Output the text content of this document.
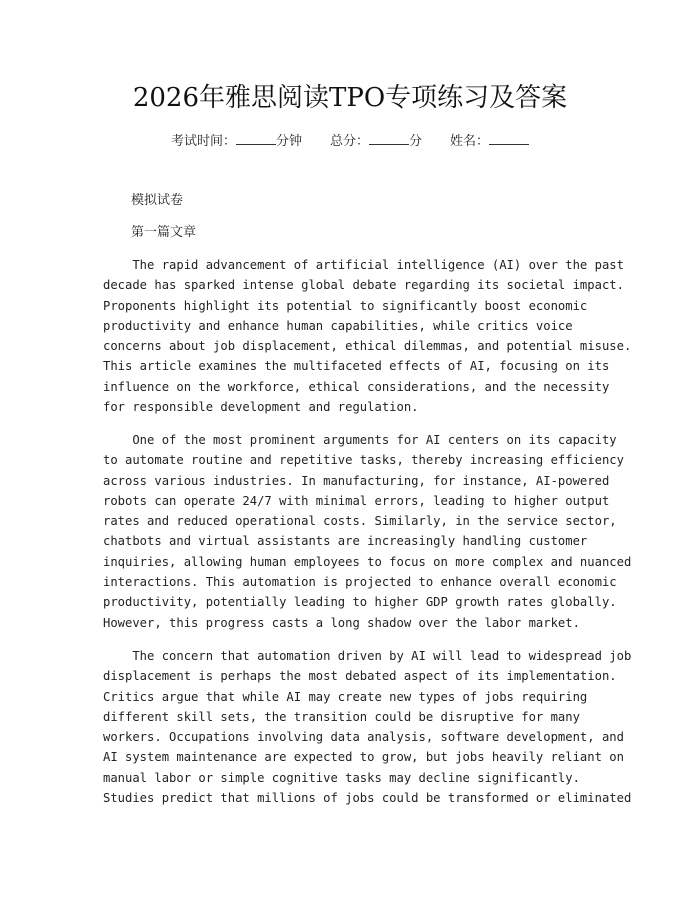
2026年雅思阅读TPO专项练习及答案
考试时间：	分钟 总分：	分 姓名：
模拟试卷
第一篇文章

The rapid advancement of artificial intelligence (AI) over the past
decade has sparked intense global debate regarding its societal impact.
Proponents highlight its potential to significantly boost economic
productivity and enhance human capabilities, while critics voice
concerns about job displacement, ethical dilemmas, and potential misuse.
This article examines the multifaceted effects of AI, focusing on its
influence on the workforce, ethical considerations, and the necessity
for responsible development and regulation.

One of the most prominent arguments for AI centers on its capacity
to automate routine and repetitive tasks, thereby increasing efficiency
across various industries. In manufacturing, for instance, AI-powered
robots can operate 24/7 with minimal errors, leading to higher output
rates and reduced operational costs. Similarly, in the service sector,
chatbots and virtual assistants are increasingly handling customer
inquiries, allowing human employees to focus on more complex and nuanced
interactions. This automation is projected to enhance overall economic
productivity, potentially leading to higher GDP growth rates globally.
However, this progress casts a long shadow over the labor market.

The concern that automation driven by AI will lead to widespread job
displacement is perhaps the most debated aspect of its implementation.
Critics argue that while AI may create new types of jobs requiring
different skill sets, the transition could be disruptive for many
workers. Occupations involving data analysis, software development, and
AI system maintenance are expected to grow, but jobs heavily reliant on
manual labor or simple cognitive tasks may decline significantly.
Studies predict that millions of jobs could be transformed or eliminated
